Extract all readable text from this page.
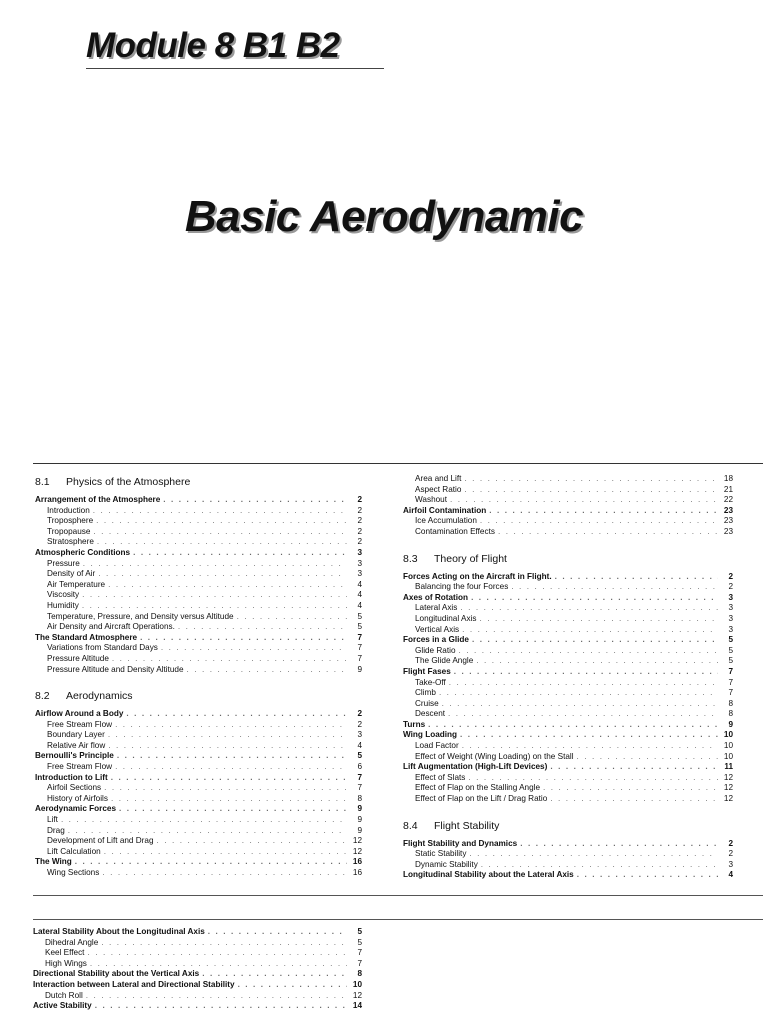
Module 8 B1 B2
Basic Aerodynamic
8.1	Physics of the Atmosphere
Arrangement of the Atmosphere . . .	2
Introduction . . .	2
Troposphere . . .	2
Tropopause . . .	2
Stratosphere . . .	2
Atmospheric Conditions . . .	3
Pressure . . .	3
Density of Air . . .	3
Air Temperature . . .	4
Viscosity . . .	4
Humidity . . .	4
Temperature, Pressure, and Density versus Altitude . . .	5
Air Density and Aircraft Operations. . . .	5
The Standard Atmosphere . . .	7
Variations from Standard Days . . .	7
Pressure Altitude . . .	7
Pressure Altitude and Density Altitude . . .	9
8.2	Aerodynamics
Airflow Around a Body . . .	2
Free Stream Flow . . .	2
Boundary Layer . . .	3
Relative Air flow . . .	4
Bernoulli's Principle . . .	5
Free Stream Flow . . .	6
Introduction to Lift . . .	7
Airfoil Sections . . .	7
History of Airfoils . . .	8
Aerodynamic Forces . . .	9
Lift . . .	9
Drag . . .	9
Development of Lift and Drag . . .	12
Lift Calculation . . .	12
The Wing . . .	16
Wing Sections . . .	16
Area and Lift . . .	18
Aspect Ratio . . .	21
Washout . . .	22
Airfoil Contamination . . .	23
Ice Accumulation . . .	23
Contamination Effects . . .	23
8.3	Theory of Flight
Forces Acting on the Aircraft in Flight. . . .	2
Balancing the four Forces . . .	2
Axes of Rotation . . .	3
Lateral Axis . . .	3
Longitudinal Axis . . .	3
Vertical Axis . . .	3
Forces in a Glide . . .	5
Glide Ratio . . .	5
The Glide Angle . . .	5
Flight Fases . . .	7
Take-Off . . .	7
Climb . . .	7
Cruise . . .	8
Descent . . .	8
Turns . . .	9
Wing Loading . . .	10
Load Factor . . .	10
Effect of Weight (Wing Loading) on the Stall . . .	10
Lift Augmentation (High-Lift Devices) . . .	11
Effect of Slats . . .	12
Effect of Flap on the Stalling Angle . . .	12
Effect of Flap on the Lift / Drag Ratio . . .	12
8.4	Flight Stability
Flight Stability and Dynamics . . .	2
Static Stability . . .	2
Dynamic Stability . . .	3
Longitudinal Stability about the Lateral Axis . . .	4
Lateral Stability About the Longitudinal Axis . . .	5
Dihedral Angle . . .	5
Keel Effect . . .	7
High Wings . . .	7
Directional Stability about the Vertical Axis . . .	8
Interaction between Lateral and Directional Stability . . .	10
Dutch Roll . . .	12
Active Stability . . .	14
